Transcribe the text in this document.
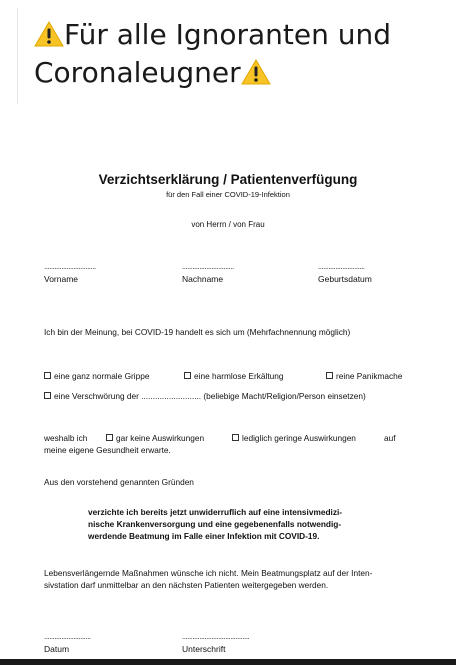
Für alle Ignoranten und
Coronaleugner
Verzichtserklärung / Patientenverfügung
für den Fall einer COVID-19-Infektion
von Herrn / von Frau
..............................	..............................	...........................
Vorname	Nachname	Geburtsdatum
Ich bin der Meinung, bei COVID-19 handelt es sich um (Mehrfachnennung möglich)
eine ganz normale Grippe	eine harmlose Erkältung	reine Panikmache
eine Verschwörung der .......................... (beliebige Macht/Religion/Person einsetzen)
weshalb ich	gar keine Auswirkungen	lediglich geringe Auswirkungen	auf
meine eigene Gesundheit erwarte.
Aus den vorstehend genannten Gründen
verzichte ich bereits jetzt unwiderruflich auf eine intensivmedizi-
nische Krankenversorgung und eine gegebenenfalls notwendig-
werdende Beatmung im Falle einer Infektion mit COVID-19.
Lebensverlängernde Maßnahmen wünsche ich nicht. Mein Beatmungsplatz auf der Inten-
sivstation darf unmittelbar an den nächsten Patienten weitergegeben werden.
...........................	.......................................
Datum	Unterschrift
